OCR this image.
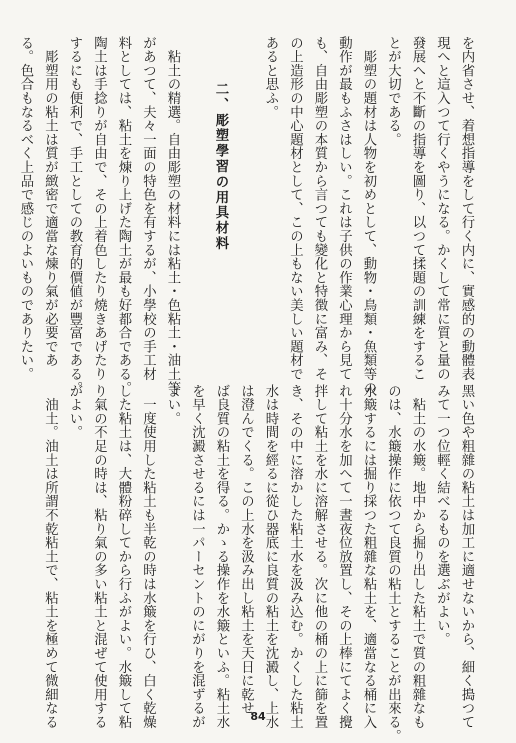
を内省させ、着想指導をして行く内に、實感的の動體表
現へと這入つて行くやうになる。かくして常に質と量の
發展へと不斷の指導を圖り、以つて揉題の訓練をするこ
とが大切である。
　彫塑の題材は人物を初めとして、動物・鳥類・魚類等の
動作が最もふさはしい。これは子供の作業心理から見て
も、自由彫塑の本質から言つても變化と特徴に富み、そ
の上造形の中心題材として、この上もない美しい題材で
あると思ふ。

　　　二、彫塑學習の用具材料

　粘土の精選。自由彫塑の材料には粘土・色粘土・油土等
があつて、夫々一面の特色を有するが、小學校の手工材
料としては、粘土を煉り上げた陶土が最も好都合である。
陶土は手捻りが自由で、その上着色したり燒きあげたり
するにも便利で、手工としての教育的價値が豐富である。
　彫塑用の粘土は質が緻密で適當な煉り氣が必要であ
る。色合もなるべく上品で感じのよいものでありたい。
黑い色や粗雜の粘土は加工に適せないから、細く搗つて
みて一つ位輕く結べるものを選ぶがよい。
　粘土の水簸。地中から掘り出した粘土で質の粗雜なも
のは、水簸操作に依つて良質の粘土とすることが出來る。
水簸するには掘り採つた粗雜な粘土を、適當なる桶に入
れ十分水を加へて一晝夜位放置し、その上棒にてよく攪
拌して粘土を水に溶解させる。次に他の桶の上に篩を置
き、その中に溶かした粘土水を汲み込む。かくした粘土
水は時間を經るに從ひ器底に良質の粘土を沈澱し、上水
は澄んでくる。この上水を汲み出し粘土を天日に乾せ
ば良質の粘土を得る。かゝる操作を水簸といふ。粘土水
を早く沈澱させるには一パーセントのにがりを混ずるが
よい。
　一度使用した粘土も半乾の時は水簸を行ひ、白く乾燥
した粘土は、大體粉碎してから行ふがよい。水簸して粘
り氣の不足の時は、粘り氣の多い粘土と混ぜて使用する
がよい。
　油土。油土は所謂不乾粘土で、粘土を極めて微細なる	84
